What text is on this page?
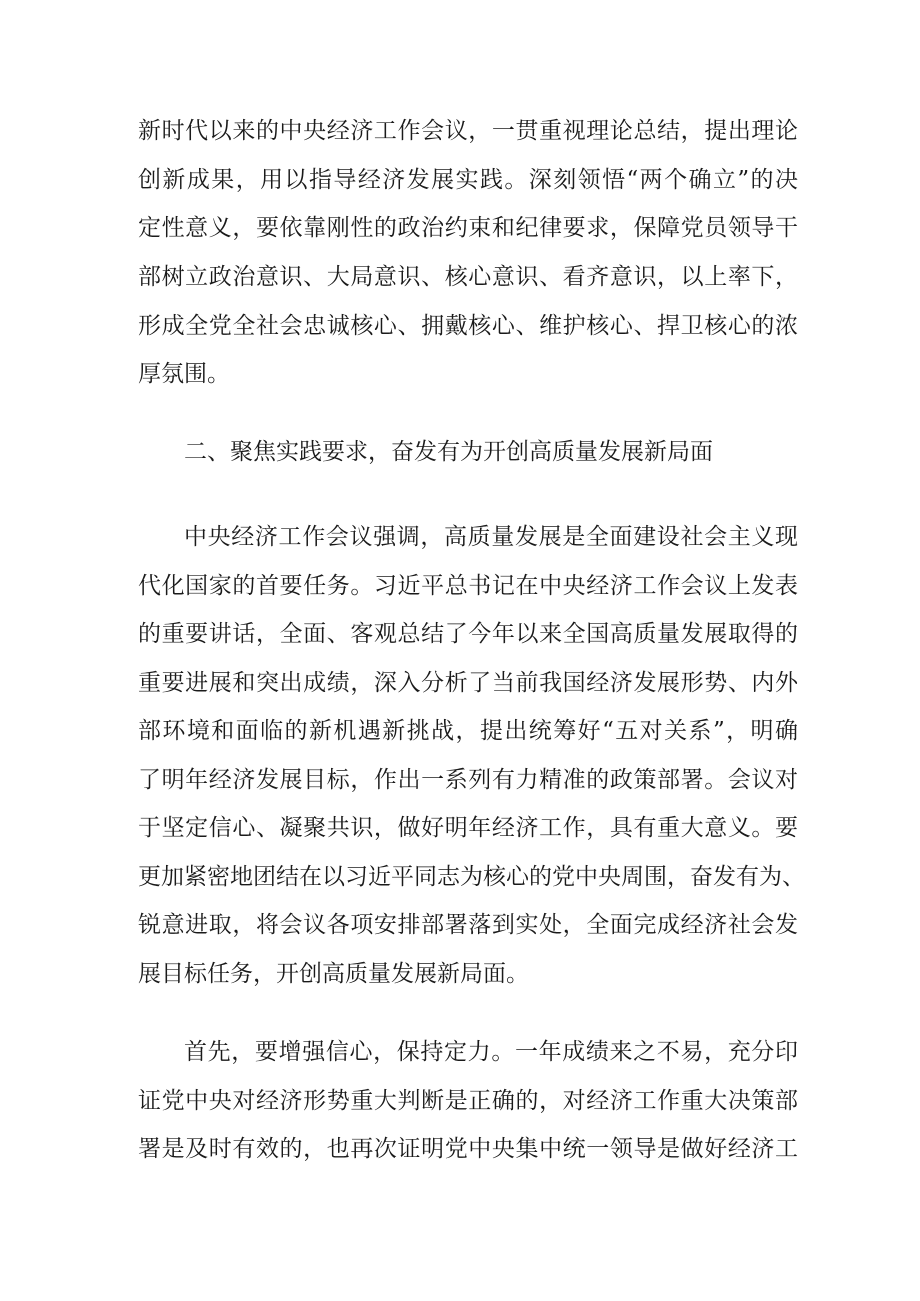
新时代以来的中央经济工作会议，一贯重视理论总结，提出理论
创新成果，用以指导经济发展实践。深刻领悟“两个确立”的决
定性意义，要依靠刚性的政治约束和纪律要求，保障党员领导干
部树立政治意识、大局意识、核心意识、看齐意识，以上率下，
形成全党全社会忠诚核心、拥戴核心、维护核心、捍卫核心的浓
厚氛围。
二、聚焦实践要求，奋发有为开创高质量发展新局面
中央经济工作会议强调，高质量发展是全面建设社会主义现
代化国家的首要任务。习近平总书记在中央经济工作会议上发表
的重要讲话，全面、客观总结了今年以来全国高质量发展取得的
重要进展和突出成绩，深入分析了当前我国经济发展形势、内外
部环境和面临的新机遇新挑战，提出统筹好“五对关系”，明确
了明年经济发展目标，作出一系列有力精准的政策部署。会议对
于坚定信心、凝聚共识，做好明年经济工作，具有重大意义。要
更加紧密地团结在以习近平同志为核心的党中央周围，奋发有为、
锐意进取，将会议各项安排部署落到实处，全面完成经济社会发
展目标任务，开创高质量发展新局面。
首先，要增强信心，保持定力。一年成绩来之不易，充分印
证党中央对经济形势重大判断是正确的，对经济工作重大决策部
署是及时有效的，也再次证明党中央集中统一领导是做好经济工
